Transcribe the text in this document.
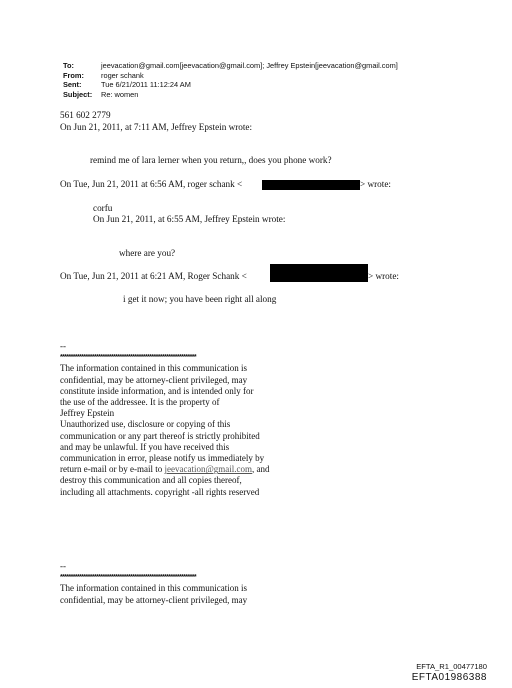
To:	jeevacation@gmail.com[jeevacation@gmail.com]; Jeffrey Epstein[jeevacation@gmail.com]
From:	roger schank
Sent:	Tue 6/21/2011 11:12:24 AM
Subject:	Re: women
561 602 2779
On Jun 21, 2011, at 7:11 AM, Jeffrey Epstein wrote:
remind me of lara lerner when you return,, does you phone work?
On Tue, Jun 21, 2011 at 6:56 AM, roger schank <	> wrote:
corfu
On Jun 21, 2011, at 6:55 AM, Jeffrey Epstein wrote:
where are you?
On Tue, Jun 21, 2011 at 6:21 AM, Roger Schank <	> wrote:
i get it now; you have been right all along
--
****************************************************************
The information contained in this communication is
confidential, may be attorney-client privileged, may
constitute inside information, and is intended only for
the use of the addressee. It is the property of
Jeffrey Epstein
Unauthorized use, disclosure or copying of this
communication or any part thereof is strictly prohibited
and may be unlawful. If you have received this
communication in error, please notify us immediately by
return e-mail or by e-mail to jeevacation@gmail.com, and
destroy this communication and all copies thereof,
including all attachments. copyright -all rights reserved
--
****************************************************************
The information contained in this communication is
confidential, may be attorney-client privileged, may
EFTA_R1_00477180
EFTA01986388
